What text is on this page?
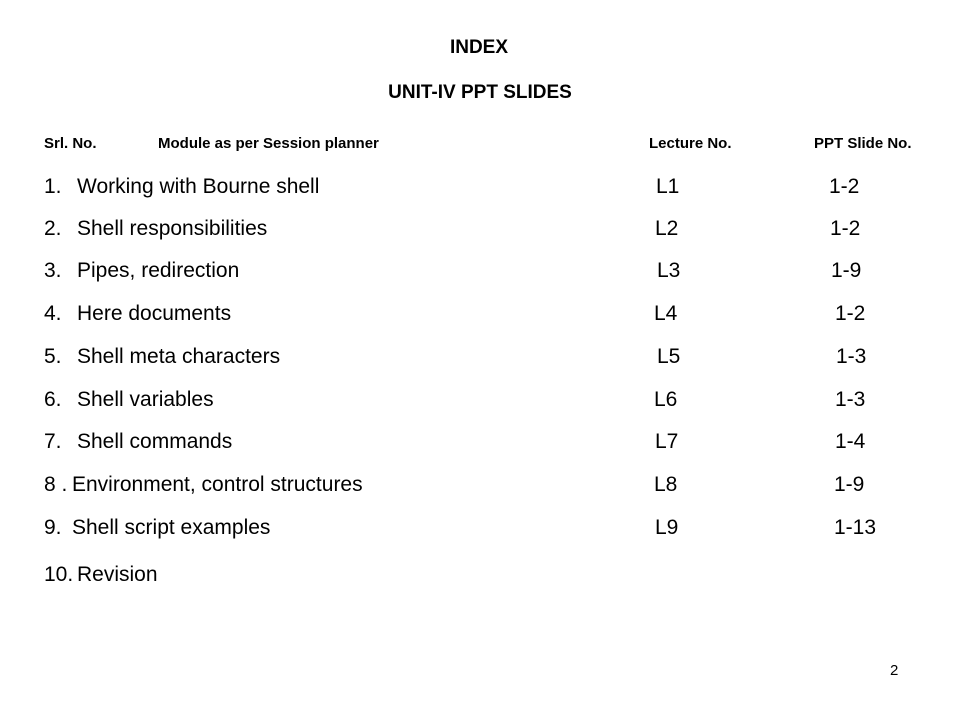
INDEX
UNIT-IV PPT SLIDES
Srl. No.	Module as per Session planner	Lecture No.	PPT Slide No.
1. Working with Bourne shell	L1	1-2
2. Shell responsibilities	L2	1-2
3. Pipes, redirection	L3	1-9
4. Here documents	L4	1-2
5. Shell meta characters	L5	1-3
6. Shell variables	L6	1-3
7. Shell commands	L7	1-4
8 . Environment, control structures	L8	1-9
9. Shell script examples	L9	1-13
10. Revision
2
